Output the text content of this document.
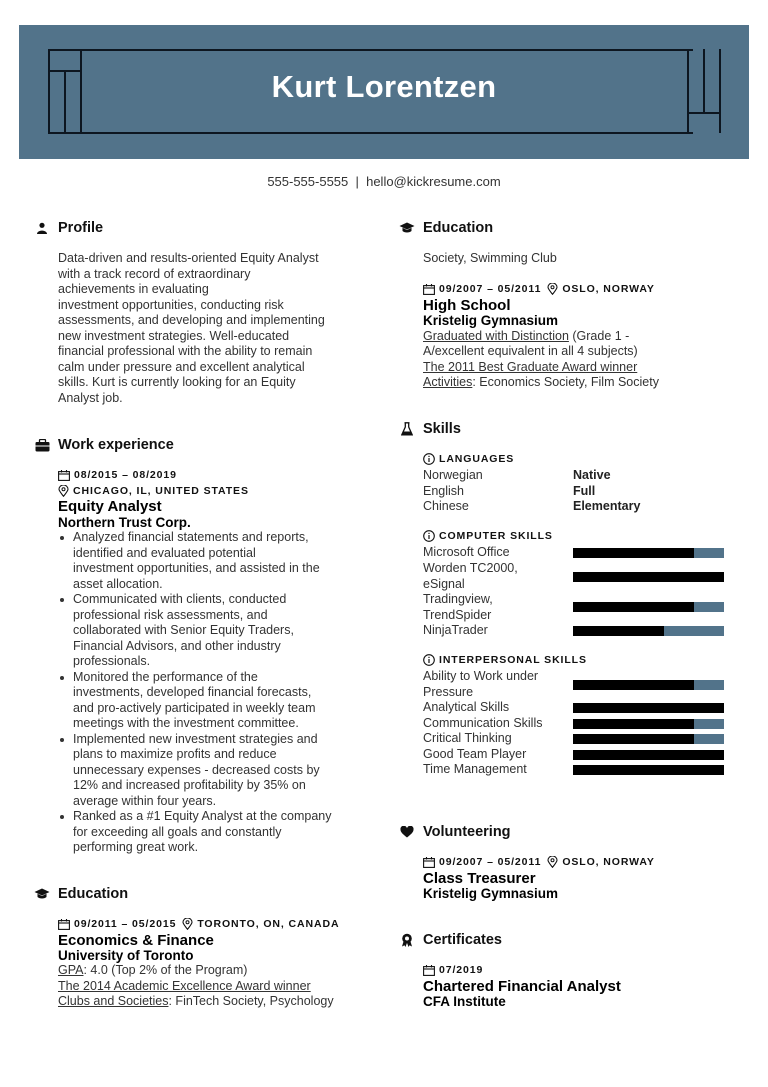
Kurt Lorentzen
555-555-5555  |  hello@kickresume.com
Profile
Data-driven and results-oriented Equity Analyst
with a track record of extraordinary
achievements in evaluating
investment opportunities, conducting risk
assessments, and developing and implementing
new investment strategies. Well-educated
financial professional with the ability to remain
calm under pressure and excellent analytical
skills. Kurt is currently looking for an Equity
Analyst job.
Work experience
08/2015 – 08/2019
CHICAGO, IL, UNITED STATES
Equity Analyst
Northern Trust Corp.
Analyzed financial statements and reports,
identified and evaluated potential
investment opportunities, and assisted in the
asset allocation.
Communicated with clients, conducted
professional risk assessments, and
collaborated with Senior Equity Traders,
Financial Advisors, and other industry
professionals.
Monitored the performance of the
investments, developed financial forecasts,
and pro-actively participated in weekly team
meetings with the investment committee.
Implemented new investment strategies and
plans to maximize profits and reduce
unnecessary expenses - decreased costs by
12% and increased profitability by 35% on
average within four years.
Ranked as a #1 Equity Analyst at the company
for exceeding all goals and constantly
performing great work.
Education
09/2011 – 05/2015 TORONTO, ON, CANADA
Economics & Finance
University of Toronto
GPA: 4.0 (Top 2% of the Program)
The 2014 Academic Excellence Award winner
Clubs and Societies: FinTech Society, Psychology
Education
Society, Swimming Club
09/2007 – 05/2011 OSLO, NORWAY
High School
Kristelig Gymnasium
Graduated with Distinction (Grade 1 -
A/excellent equivalent in all 4 subjects)
The 2011 Best Graduate Award winner
Activities: Economics Society, Film Society
Skills
LANGUAGES
Norwegian	Native
English	Full
Chinese	Elementary
COMPUTER SKILLS
Microsoft Office
Worden TC2000,
eSignal
Tradingview,
TrendSpider
NinjaTrader
INTERPERSONAL SKILLS
Ability to Work under
Pressure
Analytical Skills
Communication Skills
Critical Thinking
Good Team Player
Time Management
Volunteering
09/2007 – 05/2011 OSLO, NORWAY
Class Treasurer
Kristelig Gymnasium
Certificates
07/2019
Chartered Financial Analyst
CFA Institute
